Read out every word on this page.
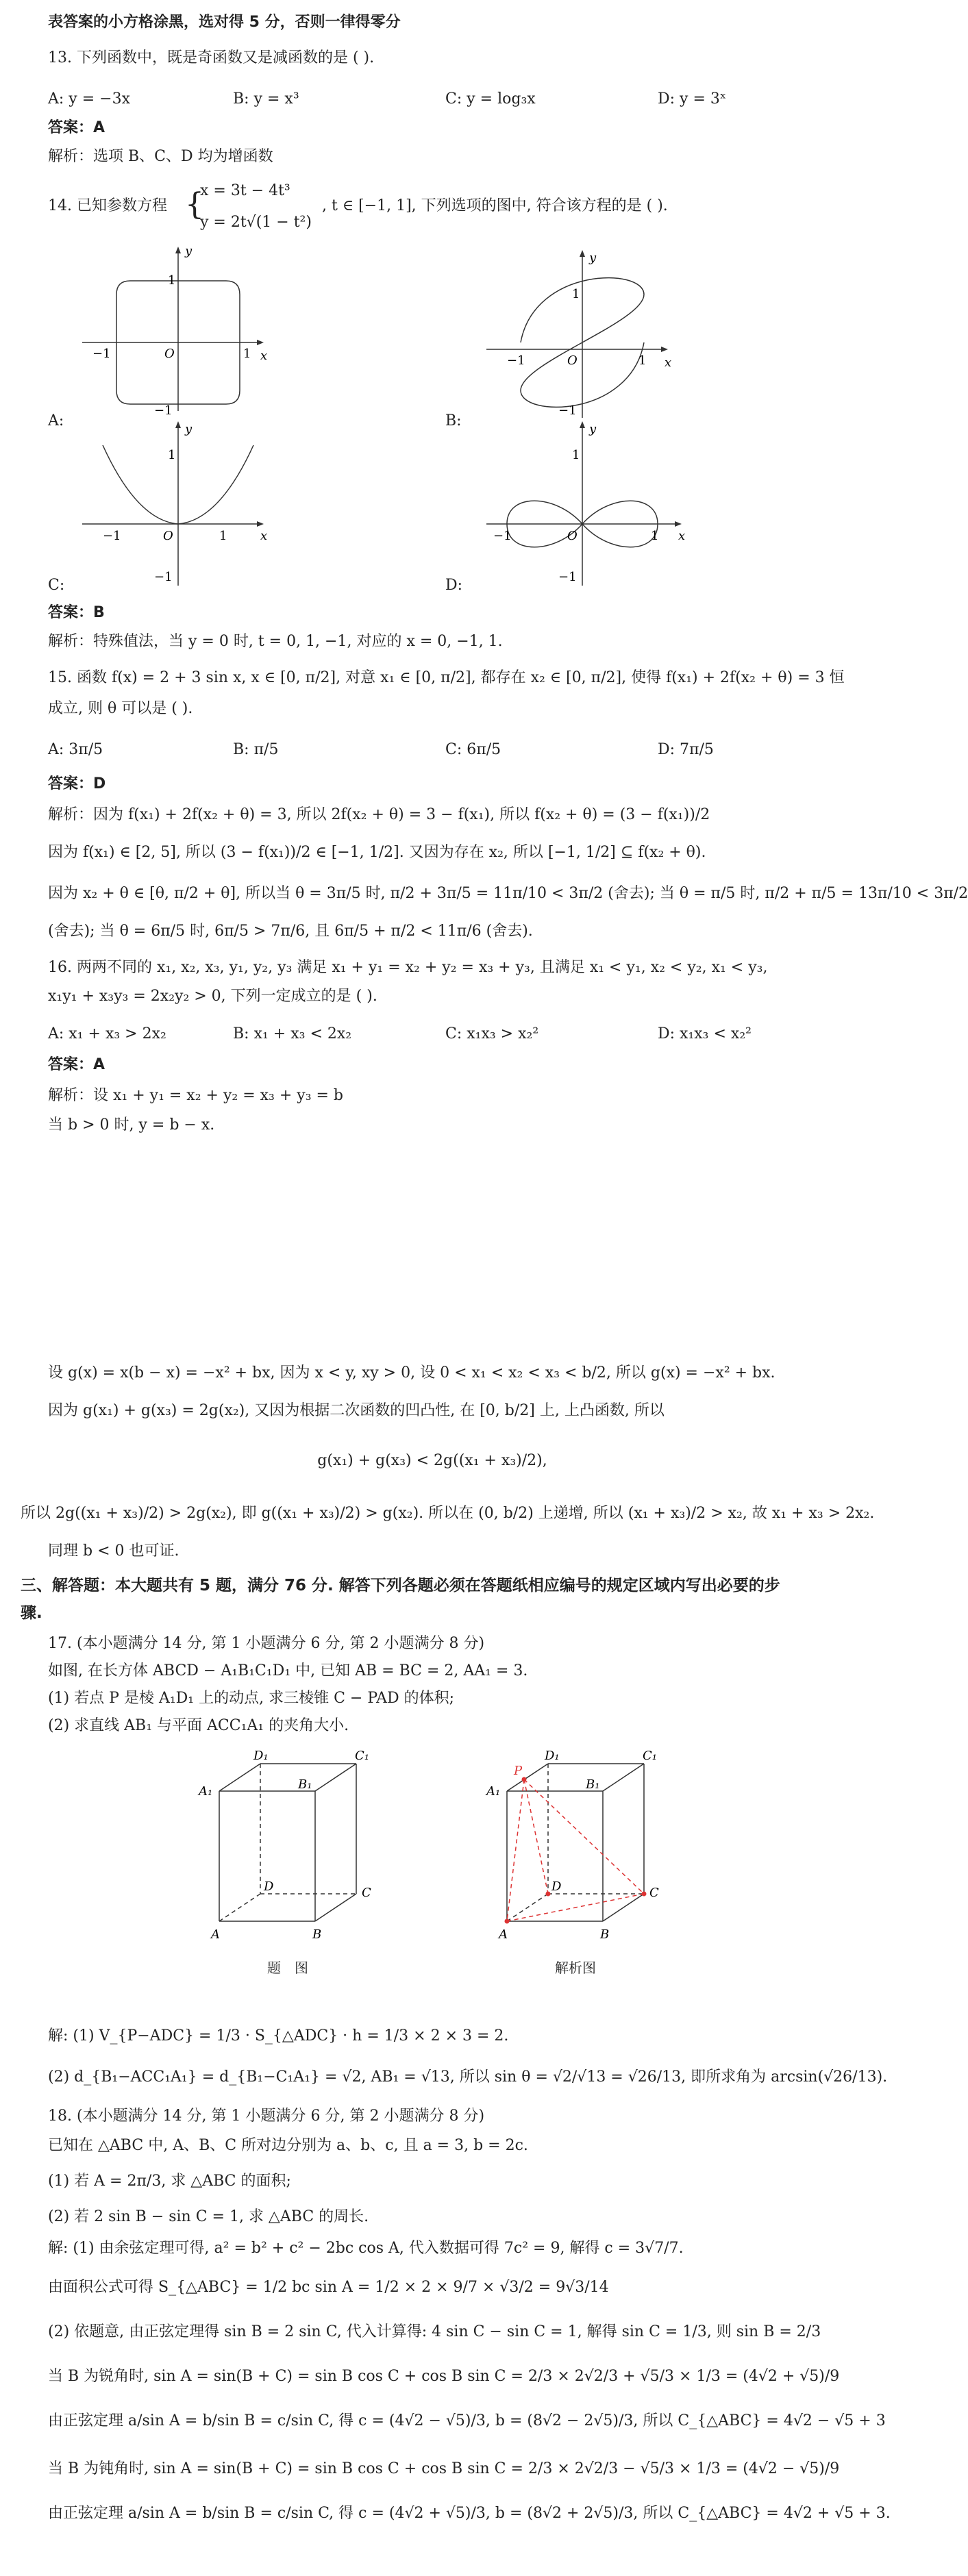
表答案的小方格涂黑，选对得 5 分，否则一律得零分
13. 下列函数中，既是奇函数又是减函数的是 ( ).
A: y = −3x	B: y = x³	C: y = log₃x	D: y = 3ˣ
答案：A
解析：选项 B、C、D 均为增函数
14. 已知参数方程 {
x = 3t − 4t³
y = 2t√(1 − t²)
, t ∈ [−1, 1], 下列选项的图中, 符合该方程的是 ( ).
y
x
O
1
1
−1
−1
A:
y
x
O
1
1
−1
−1
B:
y
x
O
1
1
−1
−1
C:
y
x
O
1
1
−1
−1
D:
答案：B
解析：特殊值法，当 y = 0 时, t = 0, 1, −1, 对应的 x = 0, −1, 1.
15. 函数 f(x) = 2 + 3 sin x, x ∈ [0, π/2], 对意 x₁ ∈ [0, π/2], 都存在 x₂ ∈ [0, π/2], 使得 f(x₁) + 2f(x₂ + θ) = 3 恒
成立, 则 θ 可以是 ( ).
A: 3π/5	B: π/5	C: 6π/5	D: 7π/5
答案：D
解析：因为 f(x₁) + 2f(x₂ + θ) = 3, 所以 2f(x₂ + θ) = 3 − f(x₁), 所以 f(x₂ + θ) = (3 − f(x₁))/2
因为 f(x₁) ∈ [2, 5], 所以 (3 − f(x₁))/2 ∈ [−1, 1/2]. 又因为存在 x₂, 所以 [−1, 1/2] ⊆ f(x₂ + θ).
因为 x₂ + θ ∈ [θ, π/2 + θ], 所以当 θ = 3π/5 时, π/2 + 3π/5 = 11π/10 < 3π/2 (舍去); 当 θ = π/5 时, π/2 + π/5 = 13π/10 < 3π/2
(舍去); 当 θ = 6π/5 时, 6π/5 > 7π/6, 且 6π/5 + π/2 < 11π/6 (舍去).
16. 两两不同的 x₁, x₂, x₃, y₁, y₂, y₃ 满足 x₁ + y₁ = x₂ + y₂ = x₃ + y₃, 且满足 x₁ < y₁, x₂ < y₂, x₁ < y₃,
x₁y₁ + x₃y₃ = 2x₂y₂ > 0, 下列一定成立的是 ( ).
A: x₁ + x₃ > 2x₂	B: x₁ + x₃ < 2x₂	C: x₁x₃ > x₂²	D: x₁x₃ < x₂²
答案：A
解析：设 x₁ + y₁ = x₂ + y₂ = x₃ + y₃ = b
当 b > 0 时, y = b − x.
设 g(x) = x(b − x) = −x² + bx, 因为 x < y, xy > 0, 设 0 < x₁ < x₂ < x₃ < b/2, 所以 g(x) = −x² + bx.
因为 g(x₁) + g(x₃) = 2g(x₂), 又因为根据二次函数的凹凸性, 在 [0, b/2] 上, 上凸函数, 所以
g(x₁) + g(x₃) < 2g((x₁ + x₃)/2),
所以 2g((x₁ + x₃)/2) > 2g(x₂), 即 g((x₁ + x₃)/2) > g(x₂). 所以在 (0, b/2) 上递增, 所以 (x₁ + x₃)/2 > x₂, 故 x₁ + x₃ > 2x₂.
同理 b < 0 也可证.
三、解答题：本大题共有 5 题，满分 76 分. 解答下列各题必须在答题纸相应编号的规定区域内写出必要的步
骤.
17. (本小题满分 14 分, 第 1 小题满分 6 分, 第 2 小题满分 8 分)
如图, 在长方体 ABCD − A₁B₁C₁D₁ 中, 已知 AB = BC = 2, AA₁ = 3.
(1) 若点 P 是棱 A₁D₁ 上的动点, 求三棱锥 C − PAD 的体积;
(2) 求直线 AB₁ 与平面 ACC₁A₁ 的夹角大小.
D₁	C₁
A₁	B₁
D	C
A	B
题　图
P
D₁	C₁
A₁	B₁
D	C
A	B
解析图
解: (1) V_{P−ADC} = 1/3 · S_{△ADC} · h = 1/3 × 2 × 3 = 2.
(2) d_{B₁−ACC₁A₁} = d_{B₁−C₁A₁} = √2, AB₁ = √13, 所以 sin θ = √2/√13 = √26/13, 即所求角为 arcsin(√26/13).
18. (本小题满分 14 分, 第 1 小题满分 6 分, 第 2 小题满分 8 分)
已知在 △ABC 中, A、B、C 所对边分别为 a、b、c, 且 a = 3, b = 2c.
(1) 若 A = 2π/3, 求 △ABC 的面积;
(2) 若 2 sin B − sin C = 1, 求 △ABC 的周长.
解: (1) 由余弦定理可得, a² = b² + c² − 2bc cos A, 代入数据可得 7c² = 9, 解得 c = 3√7/7.
由面积公式可得 S_{△ABC} = 1/2 bc sin A = 1/2 × 2 × 9/7 × √3/2 = 9√3/14
(2) 依题意, 由正弦定理得 sin B = 2 sin C, 代入计算得: 4 sin C − sin C = 1, 解得 sin C = 1/3, 则 sin B = 2/3
当 B 为锐角时, sin A = sin(B + C) = sin B cos C + cos B sin C = 2/3 × 2√2/3 + √5/3 × 1/3 = (4√2 + √5)/9
由正弦定理 a/sin A = b/sin B = c/sin C, 得 c = (4√2 − √5)/3, b = (8√2 − 2√5)/3, 所以 C_{△ABC} = 4√2 − √5 + 3
当 B 为钝角时, sin A = sin(B + C) = sin B cos C + cos B sin C = 2/3 × 2√2/3 − √5/3 × 1/3 = (4√2 − √5)/9
由正弦定理 a/sin A = b/sin B = c/sin C, 得 c = (4√2 + √5)/3, b = (8√2 + 2√5)/3, 所以 C_{△ABC} = 4√2 + √5 + 3.
